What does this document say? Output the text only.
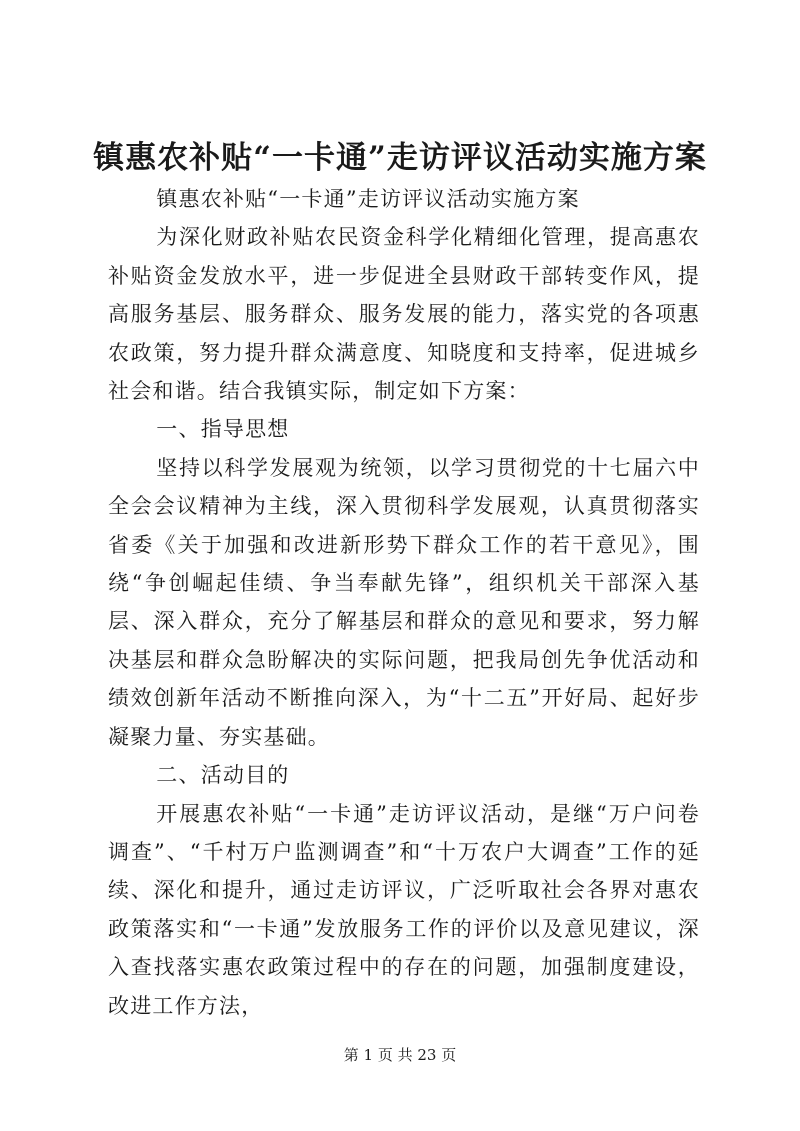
镇惠农补贴“一卡通”走访评议活动实施方案

镇惠农补贴“一卡通”走访评议活动实施方案

为深化财政补贴农民资金科学化精细化管理，提高惠农补贴资金发放水平，进一步促进全县财政干部转变作风，提高服务基层、服务群众、服务发展的能力，落实党的各项惠农政策，努力提升群众满意度、知晓度和支持率，促进城乡社会和谐。结合我镇实际，制定如下方案：

一、指导思想

坚持以科学发展观为统领，以学习贯彻党的十七届六中全会会议精神为主线，深入贯彻科学发展观，认真贯彻落实省委《关于加强和改进新形势下群众工作的若干意见》，围绕“争创崛起佳绩、争当奉献先锋”，组织机关干部深入基层、深入群众，充分了解基层和群众的意见和要求，努力解决基层和群众急盼解决的实际问题，把我局创先争优活动和绩效创新年活动不断推向深入，为“十二五”开好局、起好步凝聚力量、夯实基础。

二、活动目的

开展惠农补贴“一卡通”走访评议活动，是继“万户问卷调查”、“千村万户监测调查”和“十万农户大调查”工作的延续、深化和提升，通过走访评议，广泛听取社会各界对惠农政策落实和“一卡通”发放服务工作的评价以及意见建议，深入查找落实惠农政策过程中的存在的问题，加强制度建设，改进工作方法，

第 1 页 共 23 页
